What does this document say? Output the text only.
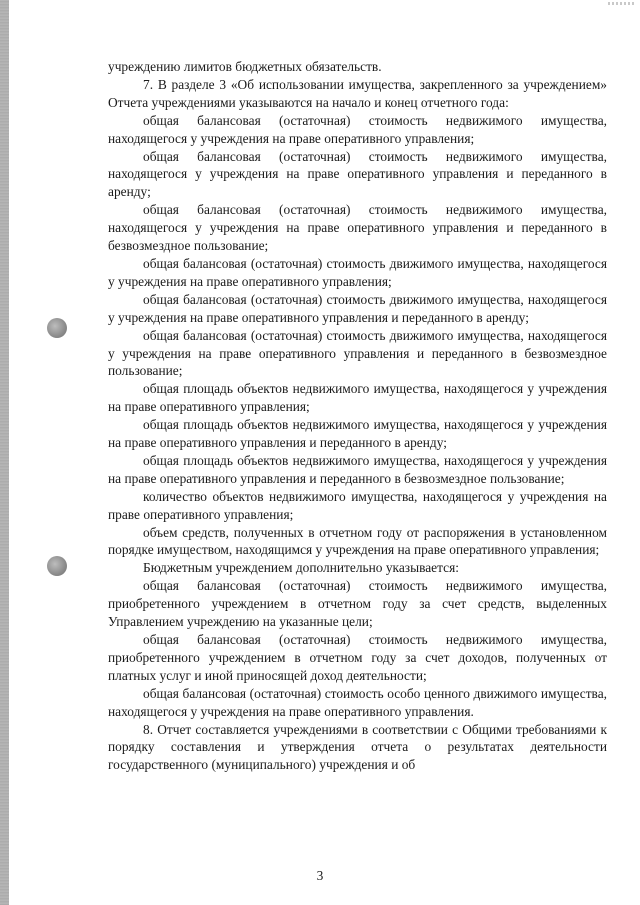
учреждению лимитов бюджетных обязательств.

7. В разделе 3 «Об использовании имущества, закрепленного за учреждением» Отчета учреждениями указываются на начало и конец отчетного года:

общая балансовая (остаточная) стоимость недвижимого имущества, находящегося у учреждения на праве оперативного управления;

общая балансовая (остаточная) стоимость недвижимого имущества, находящегося у учреждения на праве оперативного управления и переданного в аренду;

общая балансовая (остаточная) стоимость недвижимого имущества, находящегося у учреждения на праве оперативного управления и переданного в безвозмездное пользование;

общая балансовая (остаточная) стоимость движимого имущества, находящегося у учреждения на праве оперативного управления;

общая балансовая (остаточная) стоимость движимого имущества, находящегося у учреждения на праве оперативного управления и переданного в аренду;

общая балансовая (остаточная) стоимость движимого имущества, находящегося у учреждения на праве оперативного управления и переданного в безвозмездное пользование;

общая площадь объектов недвижимого имущества, находящегося у учреждения на праве оперативного управления;

общая площадь объектов недвижимого имущества, находящегося у учреждения на праве оперативного управления и переданного в аренду;

общая площадь объектов недвижимого имущества, находящегося у учреждения на праве оперативного управления и переданного в безвозмездное пользование;

количество объектов недвижимого имущества, находящегося у учреждения на праве оперативного управления;

объем средств, полученных в отчетном году от распоряжения в установленном порядке имуществом, находящимся у учреждения на праве оперативного управления;

Бюджетным учреждением дополнительно указывается:

общая балансовая (остаточная) стоимость недвижимого имущества, приобретенного учреждением в отчетном году за счет средств, выделенных Управлением учреждению на указанные цели;

общая балансовая (остаточная) стоимость недвижимого имущества, приобретенного учреждением в отчетном году за счет доходов, полученных от платных услуг и иной приносящей доход деятельности;

общая балансовая (остаточная) стоимость особо ценного движимого имущества, находящегося у учреждения на праве оперативного управления.

8. Отчет составляется учреждениями в соответствии с Общими требованиями к порядку составления и утверждения отчета о результатах деятельности государственного (муниципального) учреждения и об

3
